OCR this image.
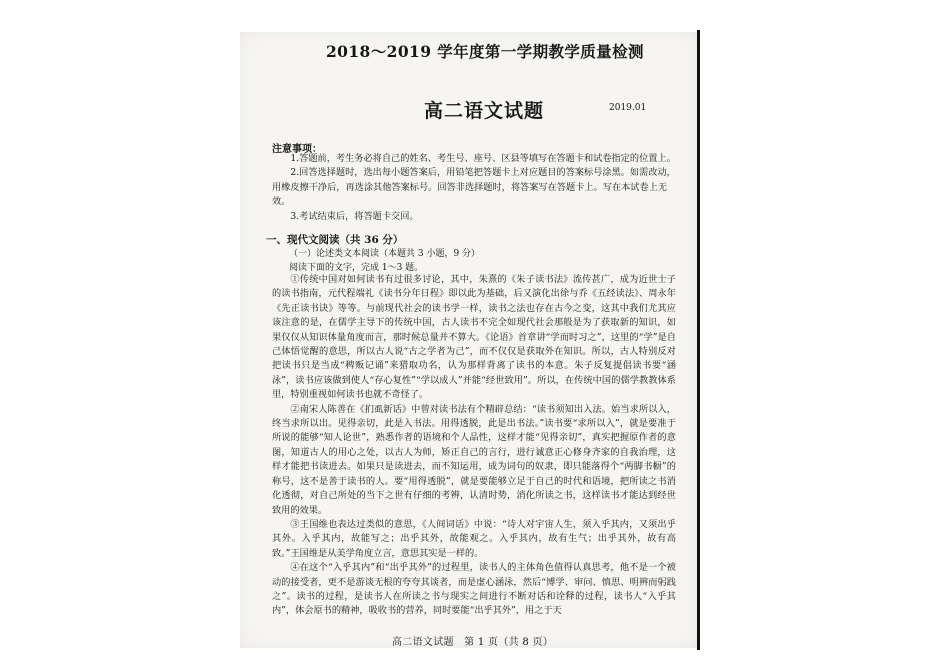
2018～2019 学年度第一学期教学质量检测
高二语文试题	2019.01
注意事项：

1.答题前，考生务必将自己的姓名、考生号、座号、区县等填写在答题卡和试卷指定的位置上。

2.回答选择题时，选出每小题答案后，用铅笔把答题卡上对应题目的答案标号涂黑。如需改动，用橡皮擦干净后，再选涂其他答案标号。回答非选择题时，将答案写在答题卡上。写在本试卷上无效。

3.考试结束后，将答题卡交回。

一、现代文阅读（共 36 分）
（一）论述类文本阅读（本题共 3 小题，9 分）
阅读下面的文字，完成 1～3 题。

①传统中国对如何读书有过很多讨论，其中，朱熹的《朱子读书法》流传甚广，成为近世士子的读书指南，元代程端礼《读书分年日程》即以此为基础，后又演化出徐与乔《五经读法》、周永年《先正读书诀》等等。与前现代社会的读书学一样，读书之法也存在古今之变，这其中我们尤其应该注意的是，在儒学主导下的传统中国，古人读书不完全如现代社会那般是为了获取新的知识，如果仅仅从知识体量角度而言，那时候总量并不算大。《论语》首章讲“学而时习之”，这里的“学”是自己体悟觉醒的意思，所以古人说“古之学者为己”，而不仅仅是获取外在知识。所以，古人特别反对把读书只是当成“稗贩记诵”来猎取功名，认为那样背离了读书的本意。朱子反复提倡读书要“涵泳”，读书应该做到使人“存心复性”“学以成人”并能“经世致用”。所以，在传统中国的儒学教教体系里，特别重视如何读书也就不奇怪了。

②南宋人陈善在《扪虱新话》中曾对读书法有个精辟总结：“读书须知出入法。始当求所以入，终当求所以出。见得亲切，此是入书法。用得透脱，此是出书法。”读书要“求所以入”，就是要准于所说的能够“知人论世”，熟悉作者的语境和个人品性，这样才能“见得亲切”，真实把握原作者的意图，知道古人的用心之处，以古人为师，矫正自己的言行，进行诚意正心修身齐家的自我治理，这样才能把书读进去。如果只是读进去，而不知运用，成为词句的奴隶，即只能落得个“两脚书橱”的称号，这不是善于读书的人。要“用得透脱”，就是要能够立足于自己的时代和语境，把所读之书消化透彻，对自己所处的当下之世有仔细的考辨，认清时势，消化所读之书，这样读书才能达到经世致用的效果。

③王国维也表达过类似的意思，《人间词话》中说：“诗人对宇宙人生，须入乎其内，又须出乎其外。入乎其内，故能写之；出乎其外，故能观之。入乎其内，故有生气；出乎其外，故有高致。”王国维是从美学角度立言，意思其实是一样的。

④在这个“入乎其内”和“出乎其外”的过程里，读书人的主体角色值得认真思考，他不是一个被动的接受者，更不是游谈无根的夸夸其谈者，而是虚心涵泳，然后“博学、审问、慎思、明辨而躬践之”。读书的过程，是读书人在所读之书与现实之间进行不断对话和诠释的过程，读书人“入乎其内”，体会原书的精神，吸收书的营养，同时要能“出乎其外”，用之于天

高二语文试题　第 1 页（共 8 页）
